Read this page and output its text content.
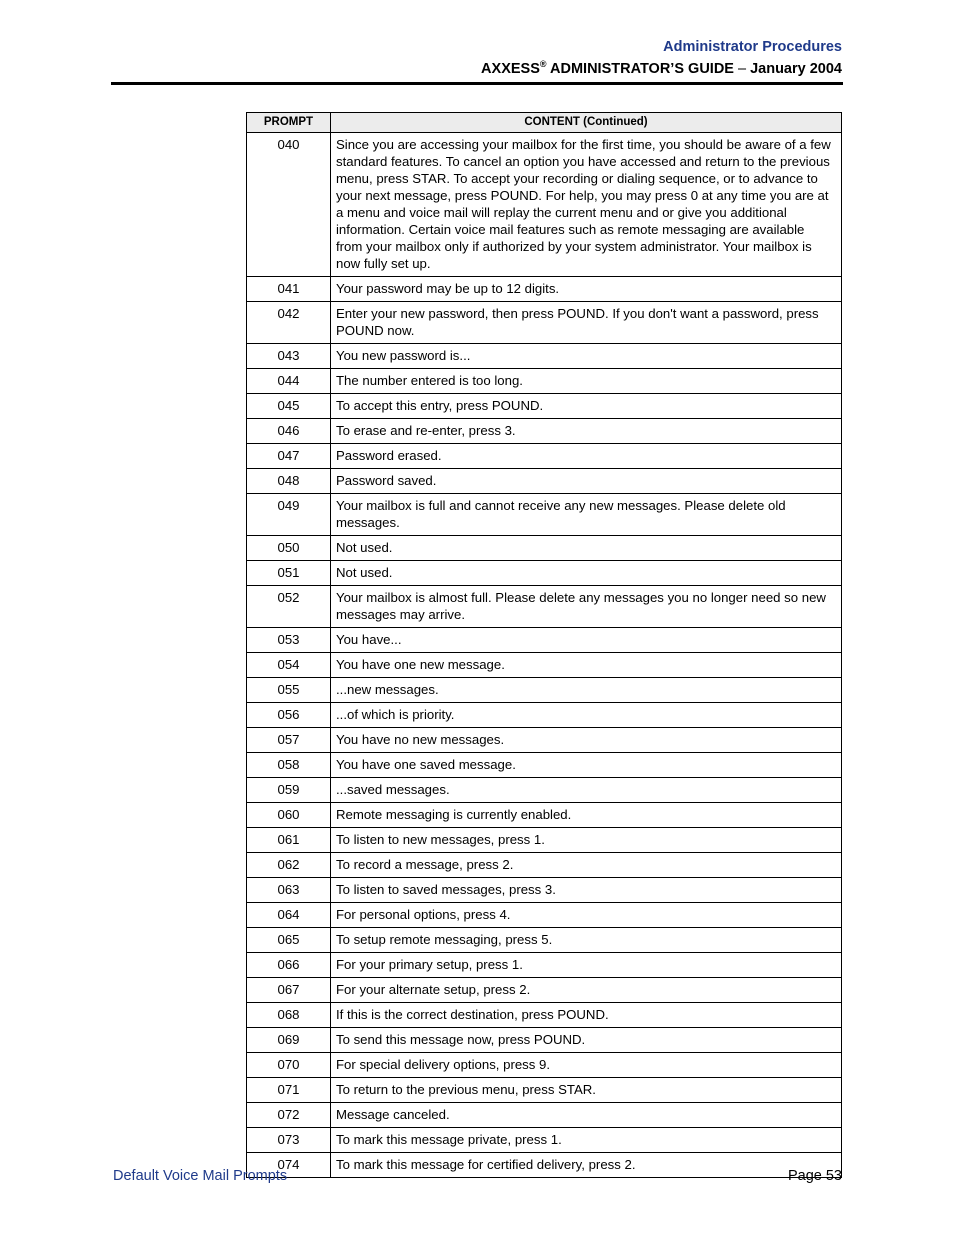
Administrator Procedures
AXXESS® ADMINISTRATOR’S GUIDE – January 2004
PROMPT	CONTENT (Continued)
040	Since you are accessing your mailbox for the first time, you should be aware of a few standard features. To cancel an option you have accessed and return to the previous menu, press STAR. To accept your recording or dialing sequence, or to advance to your next message, press POUND. For help, you may press 0 at any time you are at a menu and voice mail will replay the current menu and or give you additional information. Certain voice mail features such as remote messaging are available from your mailbox only if authorized by your system administrator. Your mailbox is now fully set up.
041	Your password may be up to 12 digits.
042	Enter your new password, then press POUND. If you don't want a password, press POUND now.
043	You new password is...
044	The number entered is too long.
045	To accept this entry, press POUND.
046	To erase and re-enter, press 3.
047	Password erased.
048	Password saved.
049	Your mailbox is full and cannot receive any new messages. Please delete old messages.
050	Not used.
051	Not used.
052	Your mailbox is almost full. Please delete any messages you no longer need so new messages may arrive.
053	You have...
054	You have one new message.
055	...new messages.
056	...of which is priority.
057	You have no new messages.
058	You have one saved message.
059	...saved messages.
060	Remote messaging is currently enabled.
061	To listen to new messages, press 1.
062	To record a message, press 2.
063	To listen to saved messages, press 3.
064	For personal options, press 4.
065	To setup remote messaging, press 5.
066	For your primary setup, press 1.
067	For your alternate setup, press 2.
068	If this is the correct destination, press POUND.
069	To send this message now, press POUND.
070	For special delivery options, press 9.
071	To return to the previous menu, press STAR.
072	Message canceled.
073	To mark this message private, press 1.
074	To mark this message for certified delivery, press 2.
Default Voice Mail Prompts	Page 53
